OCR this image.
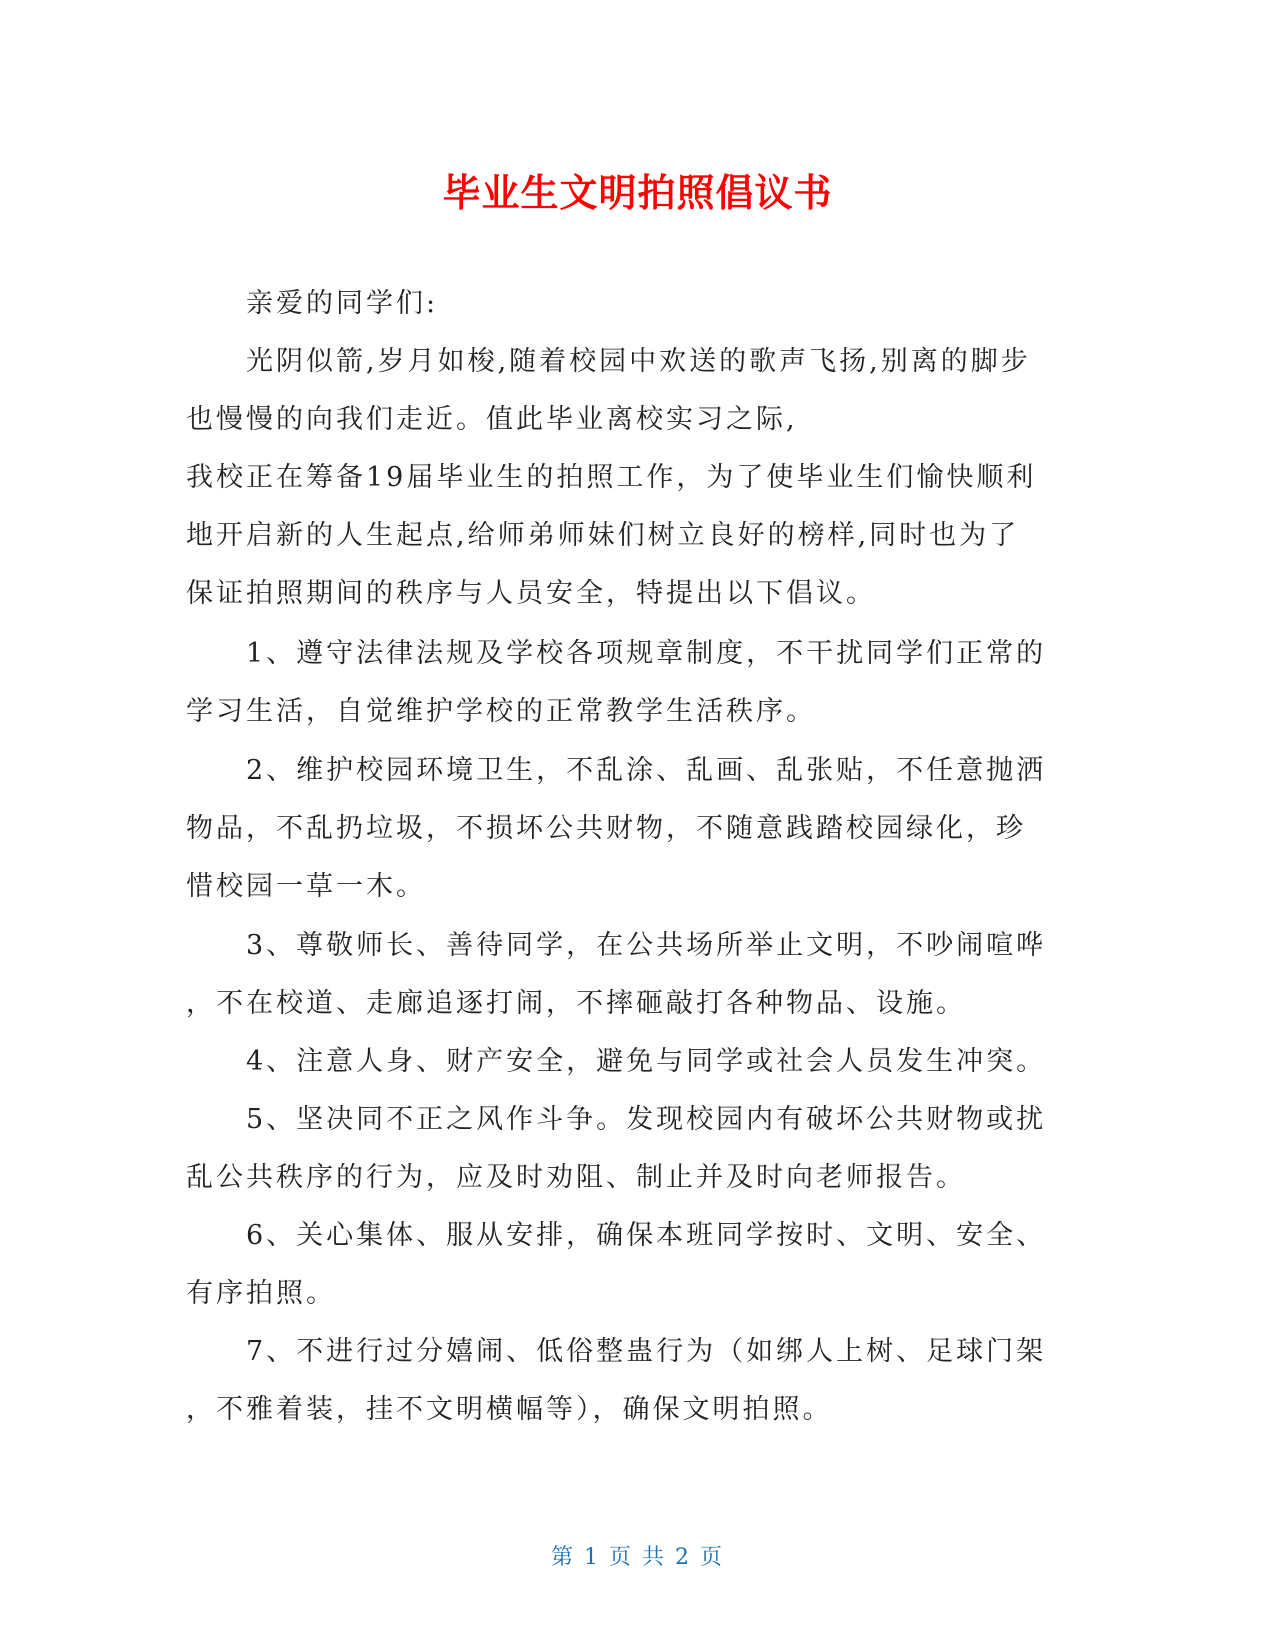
毕业生文明拍照倡议书
亲爱的同学们:
光阴似箭,岁月如梭,随着校园中欢送的歌声飞扬,别离的脚步
也慢慢的向我们走近。值此毕业离校实习之际,
我校正在筹备19届毕业生的拍照工作，为了使毕业生们愉快顺利
地开启新的人生起点,给师弟师妹们树立良好的榜样,同时也为了
保证拍照期间的秩序与人员安全，特提出以下倡议。
1、遵守法律法规及学校各项规章制度，不干扰同学们正常的
学习生活，自觉维护学校的正常教学生活秩序。
2、维护校园环境卫生，不乱涂、乱画、乱张贴，不任意抛洒
物品，不乱扔垃圾，不损坏公共财物，不随意践踏校园绿化，珍
惜校园一草一木。
3、尊敬师长、善待同学，在公共场所举止文明，不吵闹喧哗
，不在校道、走廊追逐打闹，不摔砸敲打各种物品、设施。
4、注意人身、财产安全，避免与同学或社会人员发生冲突。
5、坚决同不正之风作斗争。发现校园内有破坏公共财物或扰
乱公共秩序的行为，应及时劝阻、制止并及时向老师报告。
6、关心集体、服从安排，确保本班同学按时、文明、安全、
有序拍照。
7、不进行过分嬉闹、低俗整蛊行为（如绑人上树、足球门架
，不雅着装，挂不文明横幅等），确保文明拍照。
第 1 页 共 2 页
